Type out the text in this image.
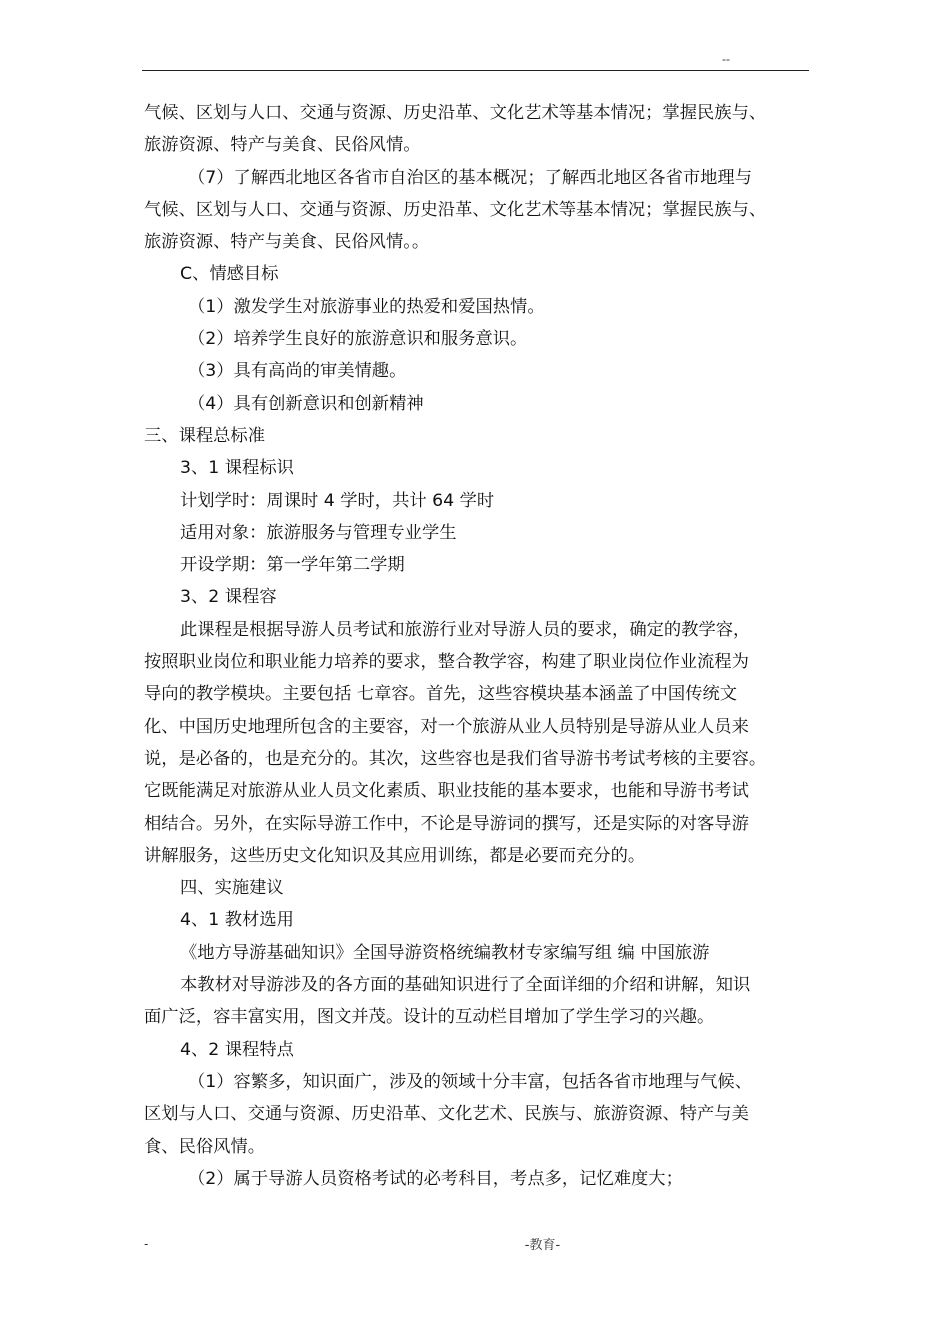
--

气候、区划与人口、交通与资源、历史沿革、文化艺术等基本情况；掌握民族与、

旅游资源、特产与美食、民俗风情。

（7）了解西北地区各省市自治区的基本概况；了解西北地区各省市地理与

气候、区划与人口、交通与资源、历史沿革、文化艺术等基本情况；掌握民族与、

旅游资源、特产与美食、民俗风情。。

C、情感目标

（1）激发学生对旅游事业的热爱和爱国热情。

（2）培养学生良好的旅游意识和服务意识。

（3）具有高尚的审美情趣。

（4）具有创新意识和创新精神

三、课程总标准

3、1 课程标识

计划学时：周课时 4 学时，共计 64 学时

适用对象：旅游服务与管理专业学生

开设学期：第一学年第二学期

3、2 课程容

此课程是根据导游人员考试和旅游行业对导游人员的要求，确定的教学容，

按照职业岗位和职业能力培养的要求，整合教学容，构建了职业岗位作业流程为

导向的教学模块。主要包括 七章容。首先，这些容模块基本涵盖了中国传统文

化、中国历史地理所包含的主要容，对一个旅游从业人员特别是导游从业人员来

说，是必备的，也是充分的。其次，这些容也是我们省导游书考试考核的主要容。

它既能满足对旅游从业人员文化素质、职业技能的基本要求，也能和导游书考试

相结合。另外，在实际导游工作中，不论是导游词的撰写，还是实际的对客导游

讲解服务，这些历史文化知识及其应用训练，都是必要而充分的。

四、实施建议

4、1 教材选用

《地方导游基础知识》全国导游资格统编教材专家编写组 编 中国旅游

本教材对导游涉及的各方面的基础知识进行了全面详细的介绍和讲解，知识

面广泛，容丰富实用，图文并茂。设计的互动栏目增加了学生学习的兴趣。

4、2 课程特点

（1）容繁多，知识面广，涉及的领域十分丰富，包括各省市地理与气候、

区划与人口、交通与资源、历史沿革、文化艺术、民族与、旅游资源、特产与美

食、民俗风情。

（2）属于导游人员资格考试的必考科目，考点多，记忆难度大；

-	-教育-
